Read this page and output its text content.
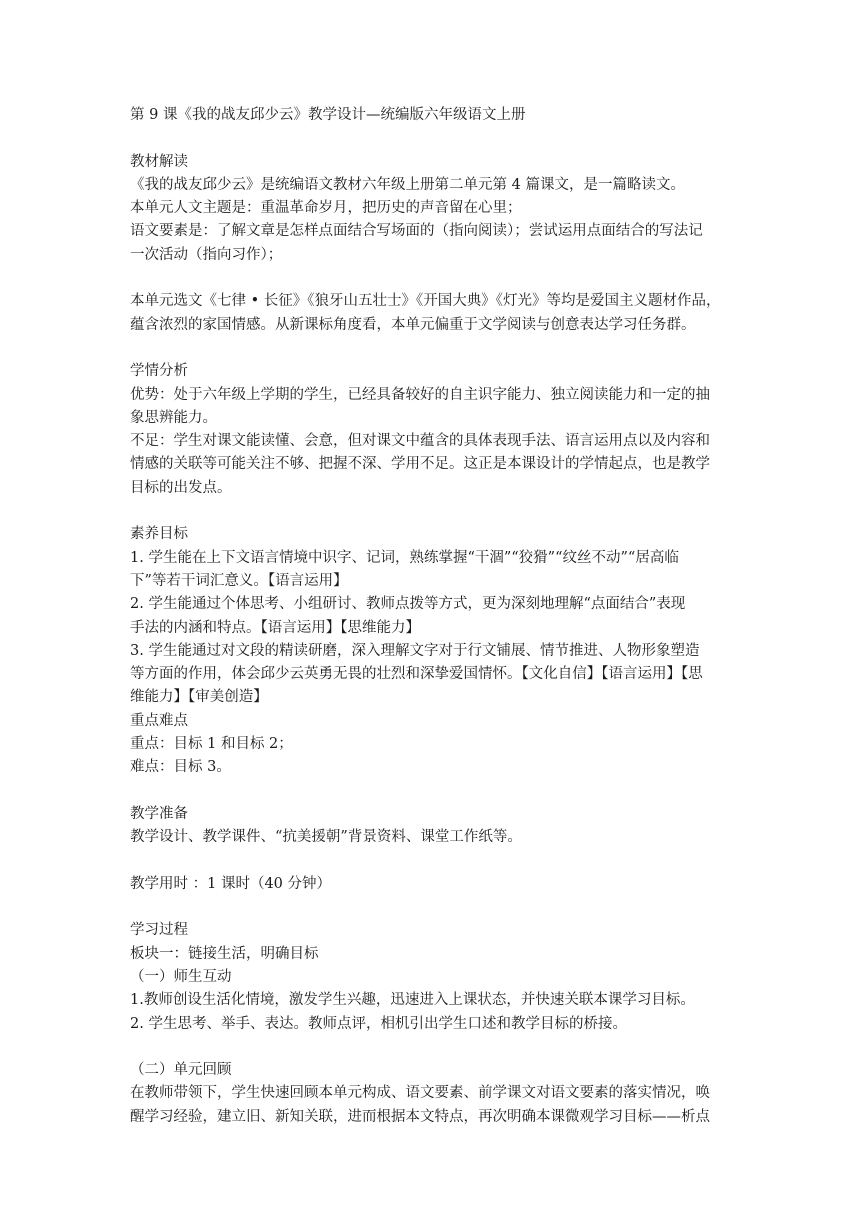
第 9 课《我的战友邱少云》教学设计—统编版六年级语文上册
教材解读
《我的战友邱少云》是统编语文教材六年级上册第二单元第 4 篇课文，是一篇略读文。
本单元人文主题是：重温革命岁月，把历史的声音留在心里；
语文要素是：了解文章是怎样点面结合写场面的（指向阅读）；尝试运用点面结合的写法记
一次活动（指向习作）；
本单元选文《七律 • 长征》《狼牙山五壮士》《开国大典》《灯光》等均是爱国主义题材作品，
蕴含浓烈的家国情感。从新课标角度看，本单元偏重于文学阅读与创意表达学习任务群。
学情分析
优势：处于六年级上学期的学生，已经具备较好的自主识字能力、独立阅读能力和一定的抽
象思辨能力。
不足：学生对课文能读懂、会意，但对课文中蕴含的具体表现手法、语言运用点以及内容和
情感的关联等可能关注不够、把握不深、学用不足。这正是本课设计的学情起点，也是教学
目标的出发点。
素养目标
1. 学生能在上下文语言情境中识字、记词，熟练掌握“干涸”“狡猾”“纹丝不动”“居高临
下”等若干词汇意义。【语言运用】
2. 学生能通过个体思考、小组研讨、教师点拨等方式，更为深刻地理解“点面结合”表现
手法的内涵和特点。【语言运用】【思维能力】
3. 学生能通过对文段的精读研磨，深入理解文字对于行文铺展、情节推进、人物形象塑造
等方面的作用，体会邱少云英勇无畏的壮烈和深挚爱国情怀。【文化自信】【语言运用】【思
维能力】【审美创造】
重点难点
重点：目标 1 和目标 2；
难点：目标 3。
教学准备
教学设计、教学课件、“抗美援朝”背景资料、课堂工作纸等。
教学用时 ：1 课时（40 分钟）
学习过程
板块一：链接生活，明确目标
（一）师生互动
1.教师创设生活化情境，激发学生兴趣，迅速进入上课状态，并快速关联本课学习目标。
2. 学生思考、举手、表达。教师点评，相机引出学生口述和教学目标的桥接。
（二）单元回顾
在教师带领下，学生快速回顾本单元构成、语文要素、前学课文对语文要素的落实情况，唤
醒学习经验，建立旧、新知关联，进而根据本文特点，再次明确本课微观学习目标——析点
